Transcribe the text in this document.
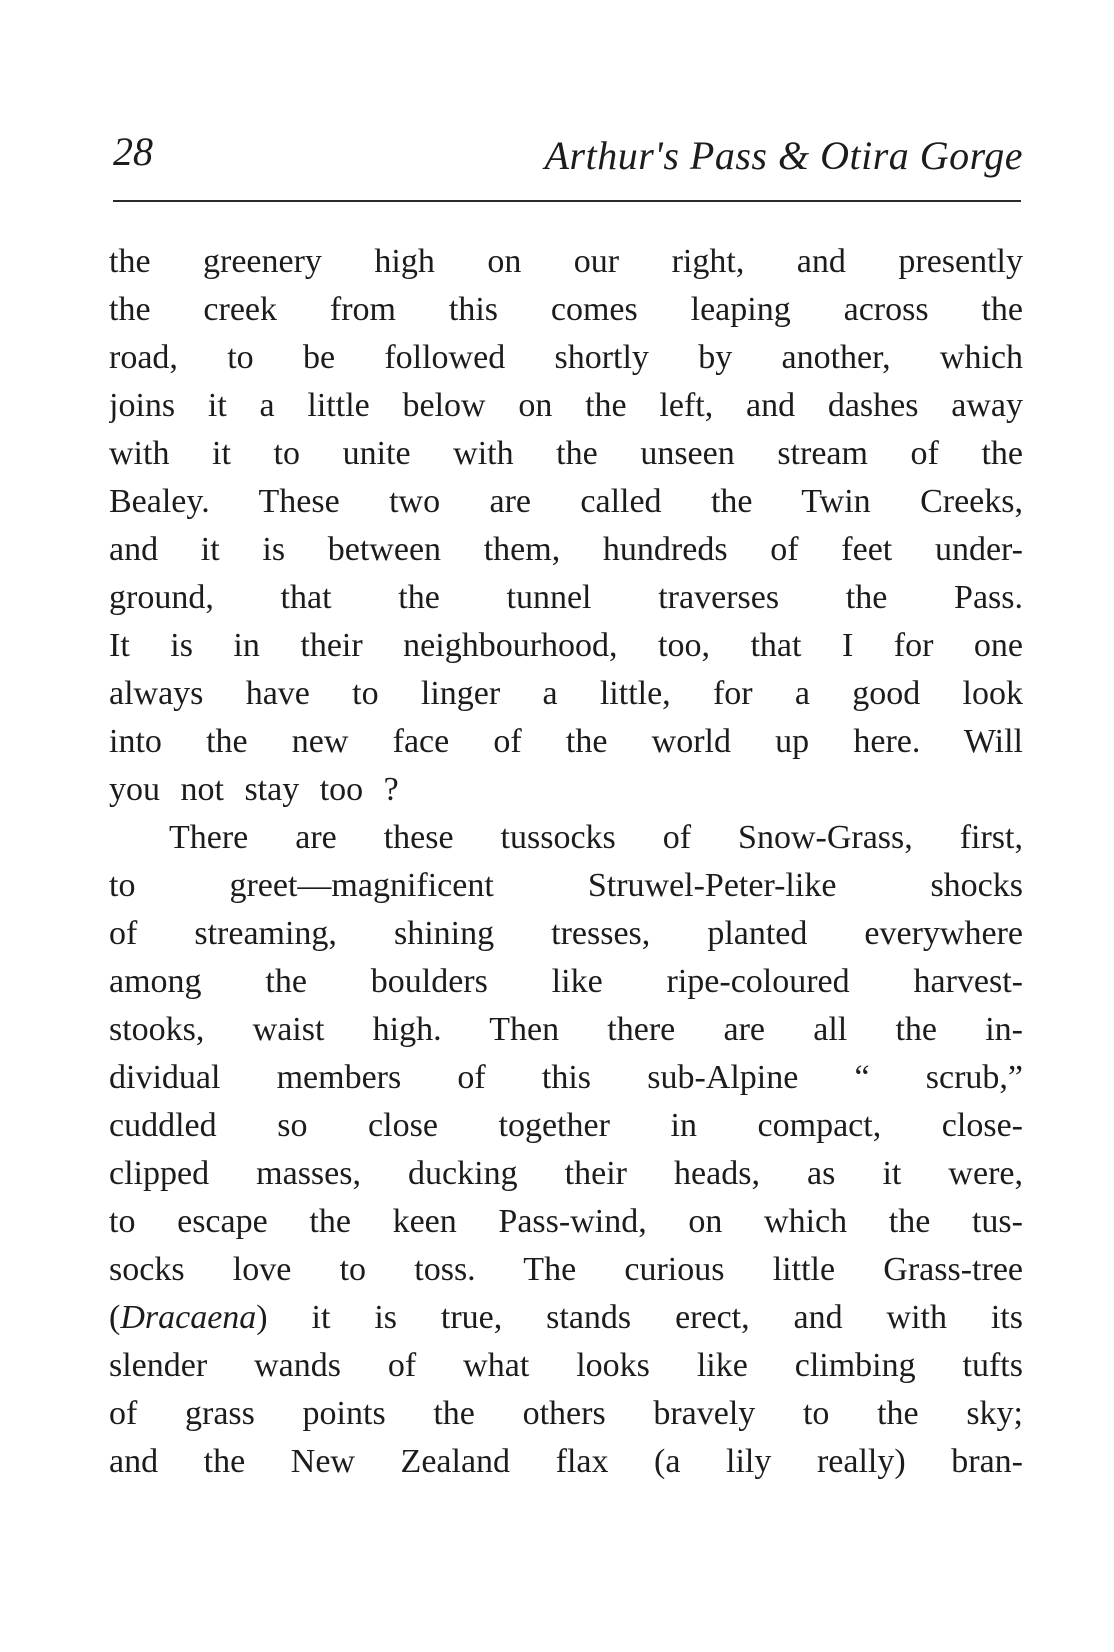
28	Arthur's Pass & Otira Gorge
the greenery high on our right, and presently
the creek from this comes leaping across the
road, to be followed shortly by another, which
joins it a little below on the left, and dashes away
with it to unite with the unseen stream of the
Bealey. These two are called the Twin Creeks,
and it is between them, hundreds of feet under-
ground, that the tunnel traverses the Pass.
It is in their neighbourhood, too, that I for one
always have to linger a little, for a good look
into the new face of the world up here. Will
you not stay too ?
There are these tussocks of Snow-Grass, first,
to greet—magnificent Struwel-Peter-like shocks
of streaming, shining tresses, planted everywhere
among the boulders like ripe-coloured harvest-
stooks, waist high. Then there are all the in-
dividual members of this sub-Alpine “ scrub,”
cuddled so close together in compact, close-
clipped masses, ducking their heads, as it were,
to escape the keen Pass-wind, on which the tus-
socks love to toss. The curious little Grass-tree
(Dracaena) it is true, stands erect, and with its
slender wands of what looks like climbing tufts
of grass points the others bravely to the sky;
and the New Zealand flax (a lily really) bran-
